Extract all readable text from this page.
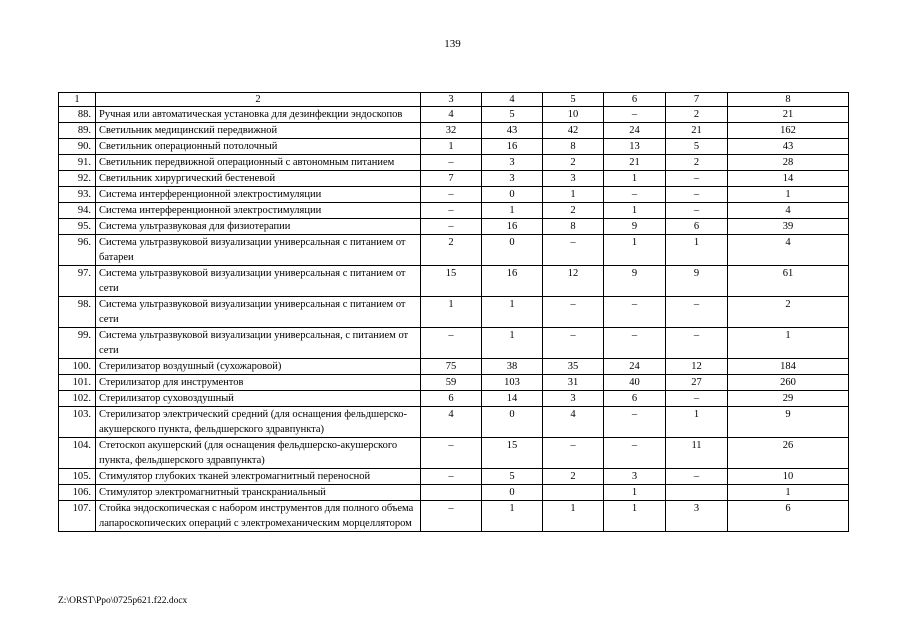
139
1	2	3	4	5	6	7	8
88.	Ручная или автоматическая установка для дезинфекции эндоскопов	4	5	10	–	2	21
89.	Светильник медицинский передвижной	32	43	42	24	21	162
90.	Светильник операционный потолочный	1	16	8	13	5	43
91.	Светильник передвижной операционный с автономным питанием	–	3	2	21	2	28
92.	Светильник хирургический бестеневой	7	3	3	1	–	14
93.	Система интерференционной электростимуляции	–	0	1	–	–	1
94.	Система интерференционной электростимуляции	–	1	2	1	–	4
95.	Система ультразвуковая для физиотерапии	–	16	8	9	6	39
96.	Система ультразвуковой визуализации универсальная с питанием от батареи	2	0	–	1	1	4
97.	Система ультразвуковой визуализации универсальная с питанием от сети	15	16	12	9	9	61
98.	Система ультразвуковой визуализации универсальная с питанием от сети	1	1	–	–	–	2
99.	Система ультразвуковой визуализации универсальная, с питанием от сети	–	1	–	–	–	1
100.	Стерилизатор воздушный (сухожаровой)	75	38	35	24	12	184
101.	Стерилизатор для инструментов	59	103	31	40	27	260
102.	Стерилизатор суховоздушный	6	14	3	6	–	29
103.	Стерилизатор электрический средний (для оснащения фельдшерско-акушерского пункта, фельдшерского здравпункта)	4	0	4	–	1	9
104.	Стетоскоп акушерский (для оснащения фельдшерско-акушерского пункта, фельдшерского здравпункта)	–	15	–	–	11	26
105.	Стимулятор глубоких тканей электромагнитный переносной	–	5	2	3	–	10
106.	Стимулятор электромагнитный транскраниальный		0		1		1
107.	Стойка эндоскопическая с набором инструментов для полного объема лапароскопических операций с электромеханическим морцеллятором	–	1	1	1	3	6
Z:\ORST\Ppo\0725p621.f22.docx
